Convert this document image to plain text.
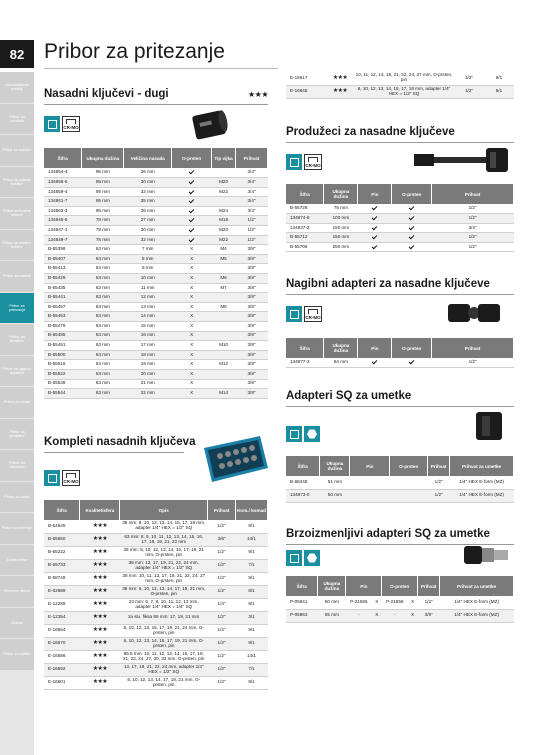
82 Pribor za pritezanje
Akumulatorski uređaji
Pribor za zavrtače
Pribor za bušilice
Pribor za udarne bušilice
Pribor za kružne testere
Pribor za ubodne testere
Pribor za testere
Pribor za pritezanje
Pribor za brusilice
Pribor za ugaone brusilice
Pribor za rende
Pribor za glodalice
Pribor za usisivače
Pribor za baštu
Pribor za merenje
Ostali pribor
Rezervni delovi
Odeća
Pribor za zaštitu
E-16617	★★★	10, 11, 12, 13, 19, 21, 22, 24, 27 mm, O-prsten, pin	1/2"	9/1
E-16645	★★★	8, 10, 12, 13, 14, 15, 17, 18 mm, adapter 1/4" HEX = 1/2" SQ	1/2"	9/1
Nasadni ključevi - dugi	★★★
CR-MO
Šifra	Ukupna dužina	Veličina nasada	O-prsten	Tip vijka	Prihvat
134854-4	95 mm	26 mm			3/4"
134855-6	95 mm	30 mm		M20	3/4"
134859-4	95 mm	32 mm		M22	3/4"
134861-7	95 mm	35 mm			3/4"
134863-3	95 mm	36 mm		M24	3/4"
134845-5	78 mm	27 mm		M18	1/2"
134847-1	78 mm	30 mm		M20	1/2"
134849-7	78 mm	32 mm		M22	1/2"
B-55398	63 mm	7 mm	X	M4	3/8"
B-55407	63 mm	8 mm	X	M5	3/8"
B-55413	63 mm	9 mm	X		3/8"
B-55429	63 mm	10 mm	X	M6	3/8"
B-55435	63 mm	11 mm	X	M7	3/8"
B-55441	63 mm	12 mm	X		3/8"
B-55457	63 mm	13 mm	X	M8	3/8"
B-55463	63 mm	14 mm	X		3/8"
B-55479	63 mm	15 mm	X		3/8"
B-55485	63 mm	16 mm	X		3/8"
B-55491	63 mm	17 mm	X	M10	3/8"
B-55500	63 mm	18 mm	X		3/8"
B-55516	63 mm	19 mm	X	M12	3/8"
B-55522	63 mm	20 mm	X		3/8"
B-55538	63 mm	21 mm	X		3/8"
B-55544	63 mm	22 mm	X	M14	3/8"
Kompleti nasadnih ključeva
CR-MO
Šifra	Kvalitet/sfera	Opis	Prihvat	Kom./ komad
B-54645	★★★	38 mm: 8, 10, 12, 13, 14, 15, 17, 18 mm, adapter 1/4" HEX = 1/2" SQ	1/2"	8/1
B-55550	★★★	63 mm: 8, 9, 10, 11, 12, 13, 14, 15, 16, 17, 18, 19, 21, 22 mm	3/8"	14/1
B-55232	★★★	38 mm: 8, 10, 12, 13, 14, 16, 17, 19, 21 mm, O-prsten, pin	1/2"	9/1
B-59733	★★★	38 mm: 13, 17, 19, 21, 22, 24 mm, adapter 1/4" HEX = 1/2" SQ	1/2"	7/1
B-58749	★★★	38 mm: 10, 11, 13, 17, 19, 21, 22, 24, 27 mm, O-prsten, pin	1/2"	9/1
E-02989	★★★	38 mm: 8, 10, 12, 13, 14, 17, 19, 21 mm, O-prsten, pin	1/2"	8/1
E-12289	★★★	23 mm: 6, 7, 8, 10, 11, 12, 13 mm, adapter 1/4" HEX = 1/4" SQ	1/4"	8/1
E-12354	★★★	za slu. fiksa 86 mm: 17, 19, 21 mm	1/2"	3/1
E-16564	★★★	8, 10, 12, 13, 16, 17, 19, 21, 24 mm, O-prsten, pin	1/2"	9/1
E-16570	★★★	8, 10, 12, 13, 14, 16, 17, 19, 21 mm, O-prsten, pin	1/2"	9/1
E-16586	★★★	85.5 mm: 10, 11, 12, 13, 14, 16, 17, 19, 21, 22, 24, 27, 30, 32 mm, O-prsten, pin	1/2"	14/1
E-16592	★★★	13, 17, 19, 21, 22, 24 mm, adapter 1/4" HEX = 1/2" SQ	1/2"	7/1
E-16601	★★★	8, 10, 12, 13, 14, 17, 19, 21 mm, O-prsten, pin	1/2"	8/1
Produžeci za nasadne ključeve
CR-MO
Šifra	Ukupna dužina	Pin	O-prsten	Prihvat
B-55728	75 mm			1/2"
134874-8	100 mm			1/2"
134937-2	150 mm			3/4"
B-55712	150 mm			1/2"
B-55706	250 mm			1/2"
Nagibni adapteri za nasadne ključeve
CR-MO
Šifra	Ukupna dužina	Pin	O-prsten	Prihvat
134877-2	64 mm			1/2"
Adapteri SQ za umetke
Šifra	Ukupna dužina	Pin	O-prsten	Prihvat	Prihvat za umetke
B-68448	51 mm			1/2"	1/4" HEX E-form (MZ)
134873-0	50 mm			1/2"	1/4" HEX E-form (MZ)
Brzoizmenljivi adapteri SQ za umetke
Šifra	Ukupna dužina	Pin		O-prsten		Prihvat	Prihvat za umetke
P-05941	50 mm	P-21565	X	P-21559	X	1/2"	1/4" HEX E-form (MZ)
P-05963	55 mm	-	X	-	X	3/8"	1/4" HEX E-form (MZ)
